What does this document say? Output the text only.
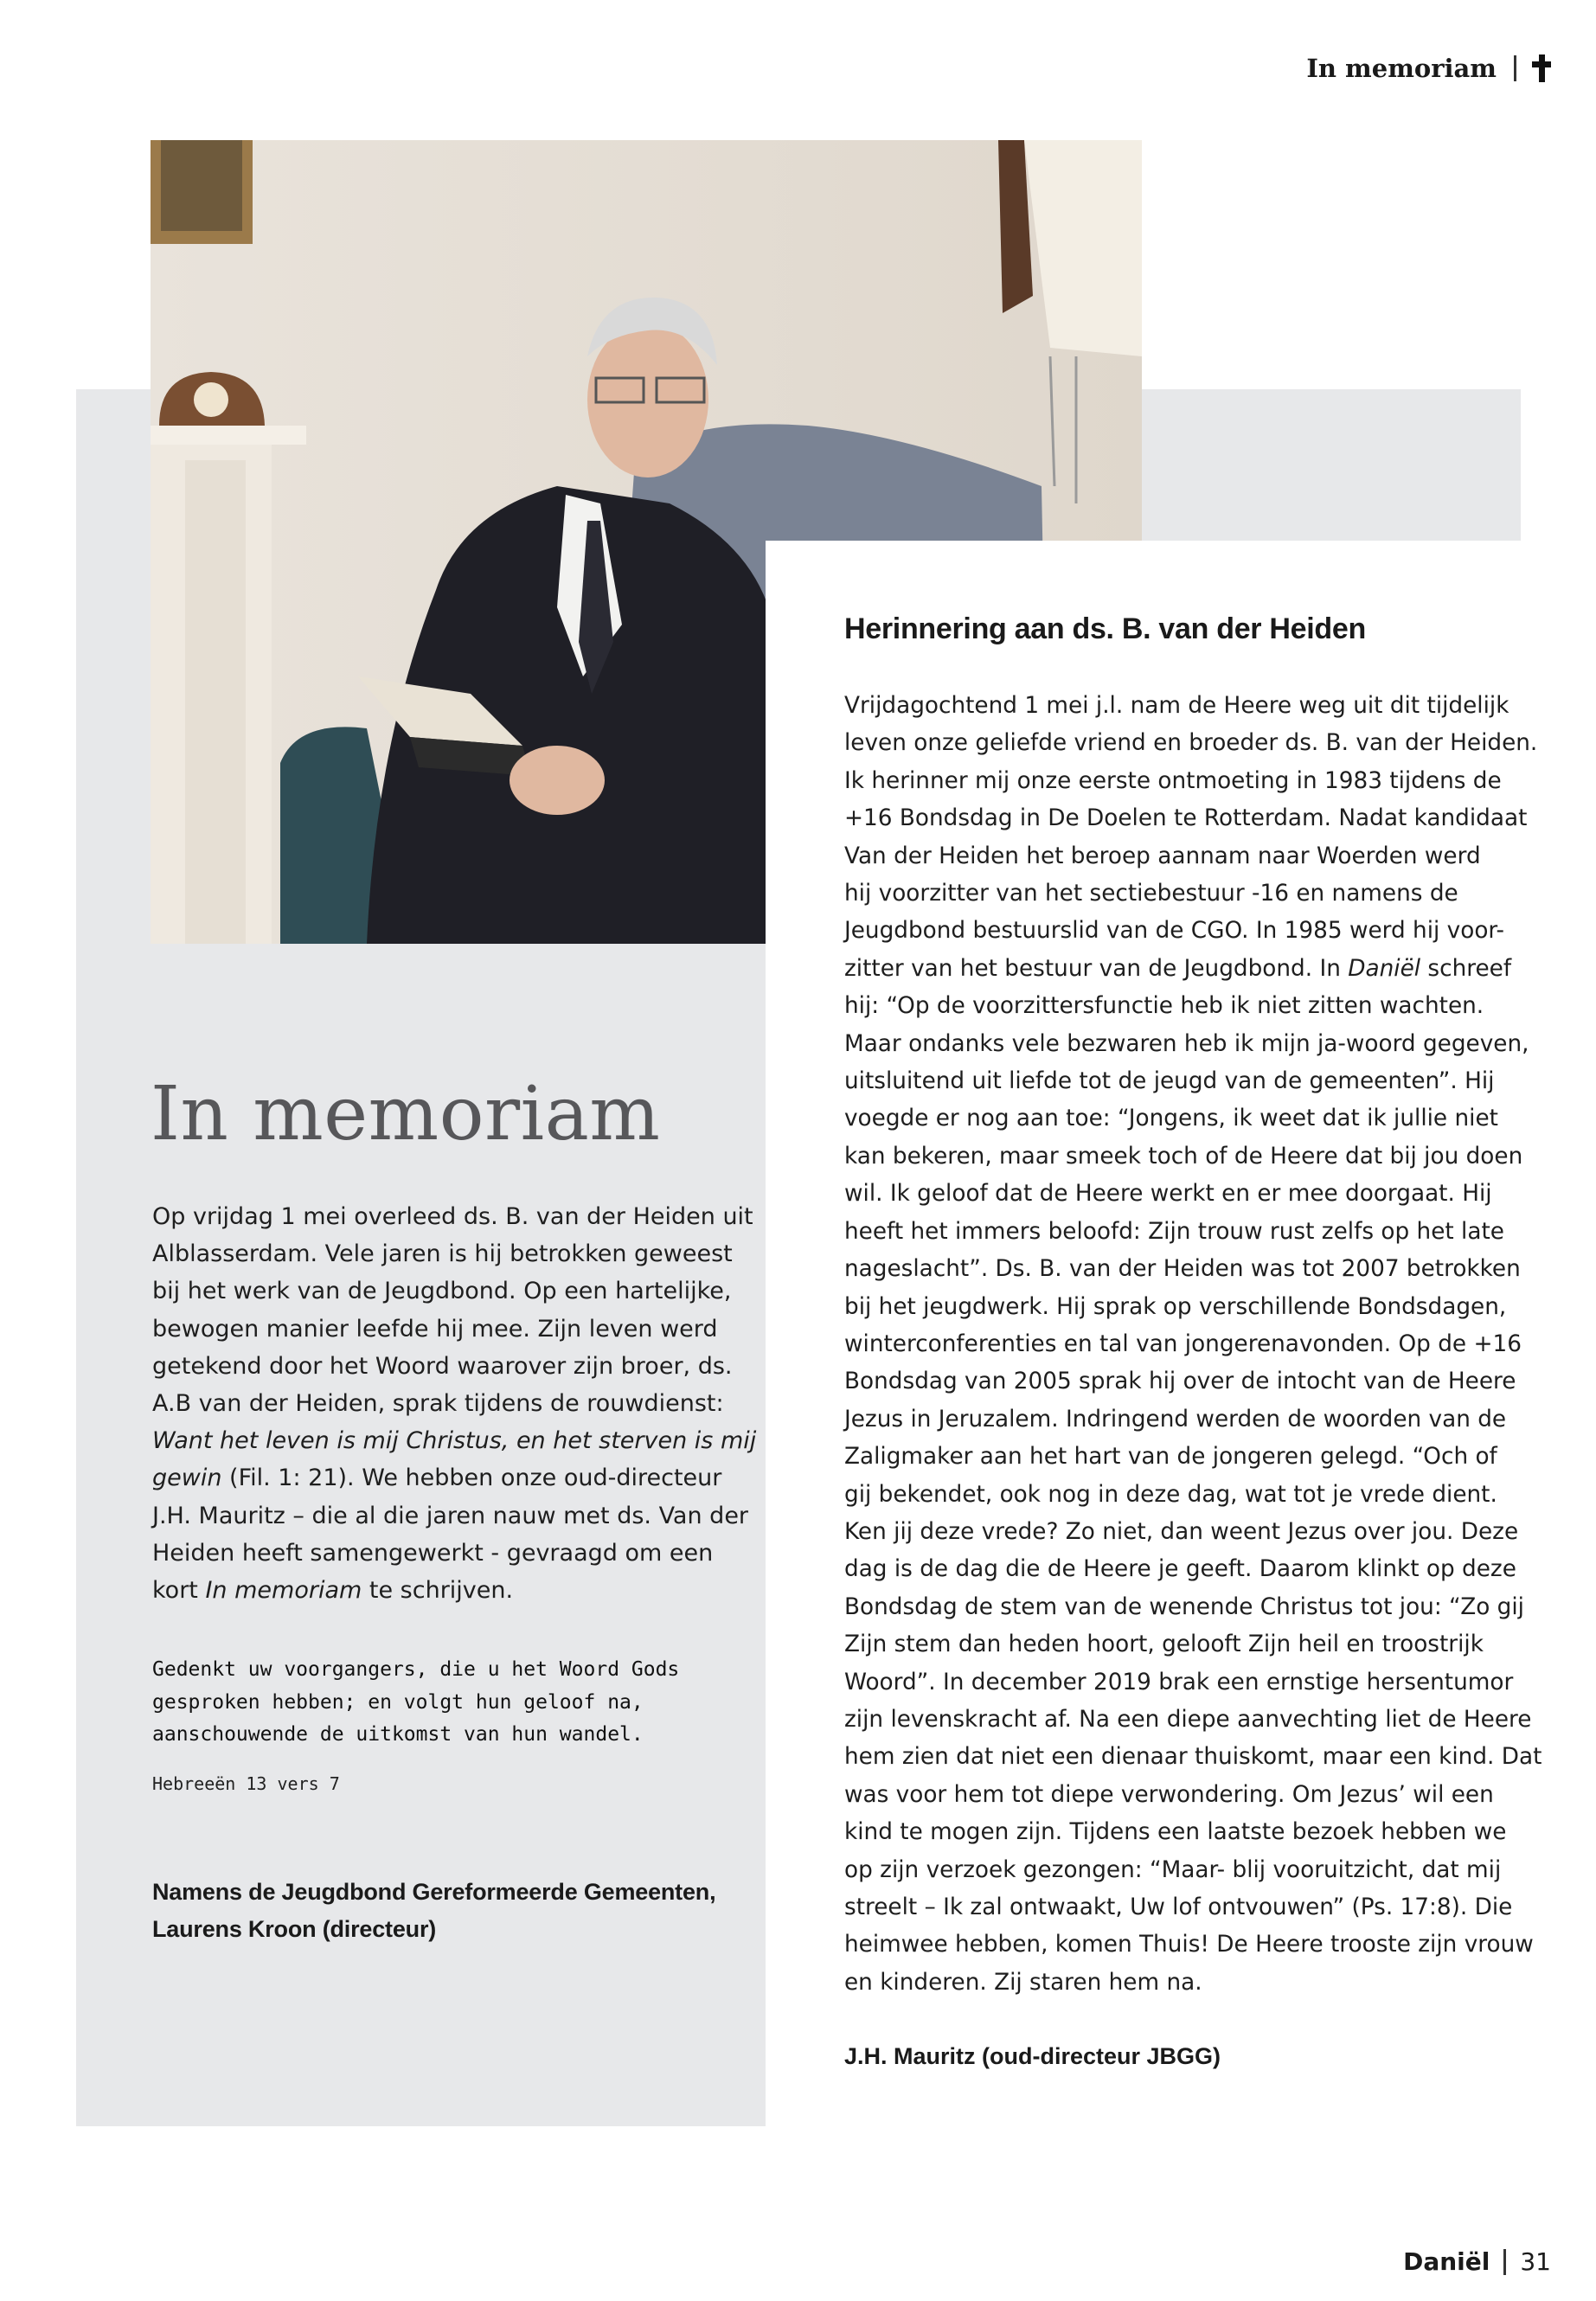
In memoriam
Herinnering aan ds. B. van der Heiden
Vrijdagochtend 1 mei j.l. nam de Heere weg uit dit tijdelijk
leven onze geliefde vriend en broeder ds. B. van der Heiden.
Ik herinner mij onze eerste ontmoeting in 1983 tijdens de
+16 Bondsdag in De Doelen te Rotterdam. Nadat kandidaat
Van der Heiden het beroep aannam naar Woerden werd
hij voorzitter van het sectiebestuur -16 en namens de
Jeugdbond bestuurslid van de CGO. In 1985 werd hij voor-
zitter van het bestuur van de Jeugdbond. In Daniël schreef
hij: “Op de voorzittersfunctie heb ik niet zitten wachten.
Maar ondanks vele bezwaren heb ik mijn ja-woord gegeven,
uitsluitend uit liefde tot de jeugd van de gemeenten”. Hij
voegde er nog aan toe: “Jongens, ik weet dat ik jullie niet
kan bekeren, maar smeek toch of de Heere dat bij jou doen
wil. Ik geloof dat de Heere werkt en er mee doorgaat. Hij
heeft het immers beloofd: Zijn trouw rust zelfs op het late
nageslacht”. Ds. B. van der Heiden was tot 2007 betrokken
bij het jeugdwerk. Hij sprak op verschillende Bondsdagen,
winterconferenties en tal van jongerenavonden. Op de +16
Bondsdag van 2005 sprak hij over de intocht van de Heere
Jezus in Jeruzalem. Indringend werden de woorden van de
Zaligmaker aan het hart van de jongeren gelegd. “Och of
gij bekendet, ook nog in deze dag, wat tot je vrede dient.
Ken jij deze vrede? Zo niet, dan weent Jezus over jou. Deze
dag is de dag die de Heere je geeft. Daarom klinkt op deze
Bondsdag de stem van de wenende Christus tot jou: “Zo gij
Zijn stem dan heden hoort, gelooft Zijn heil en troostrijk
Woord”. In december 2019 brak een ernstige hersentumor
zijn levenskracht af. Na een diepe aanvechting liet de Heere
hem zien dat niet een dienaar thuiskomt, maar een kind. Dat
was voor hem tot diepe verwondering. Om Jezus’ wil een
kind te mogen zijn. Tijdens een laatste bezoek hebben we
op zijn verzoek gezongen: “Maar- blij vooruitzicht, dat mij
streelt – Ik zal ontwaakt, Uw lof ontvouwen” (Ps. 17:8). Die
heimwee hebben, komen Thuis! De Heere trooste zijn vrouw
en kinderen. Zij staren hem na.
J.H. Mauritz (oud-directeur JBGG)
In memoriam
Op vrijdag 1 mei overleed ds. B. van der Heiden uit
Alblasserdam. Vele jaren is hij betrokken geweest
bij het werk van de Jeugdbond. Op een hartelijke,
bewogen manier leefde hij mee. Zijn leven werd
getekend door het Woord waarover zijn broer, ds.
A.B van der Heiden, sprak tijdens de rouwdienst:
Want het leven is mij Christus, en het sterven is mij
gewin (Fil. 1: 21). We hebben onze oud-directeur
J.H. Mauritz – die al die jaren nauw met ds. Van der
Heiden heeft samengewerkt - gevraagd om een
kort In memoriam te schrijven.
Gedenkt uw voorgangers, die u het Woord Gods
gesproken hebben; en volgt hun geloof na,
aanschouwende de uitkomst van hun wandel.
Hebreeën 13 vers 7
Namens de Jeugdbond Gereformeerde Gemeenten,
Laurens Kroon (directeur)
Daniël 31
